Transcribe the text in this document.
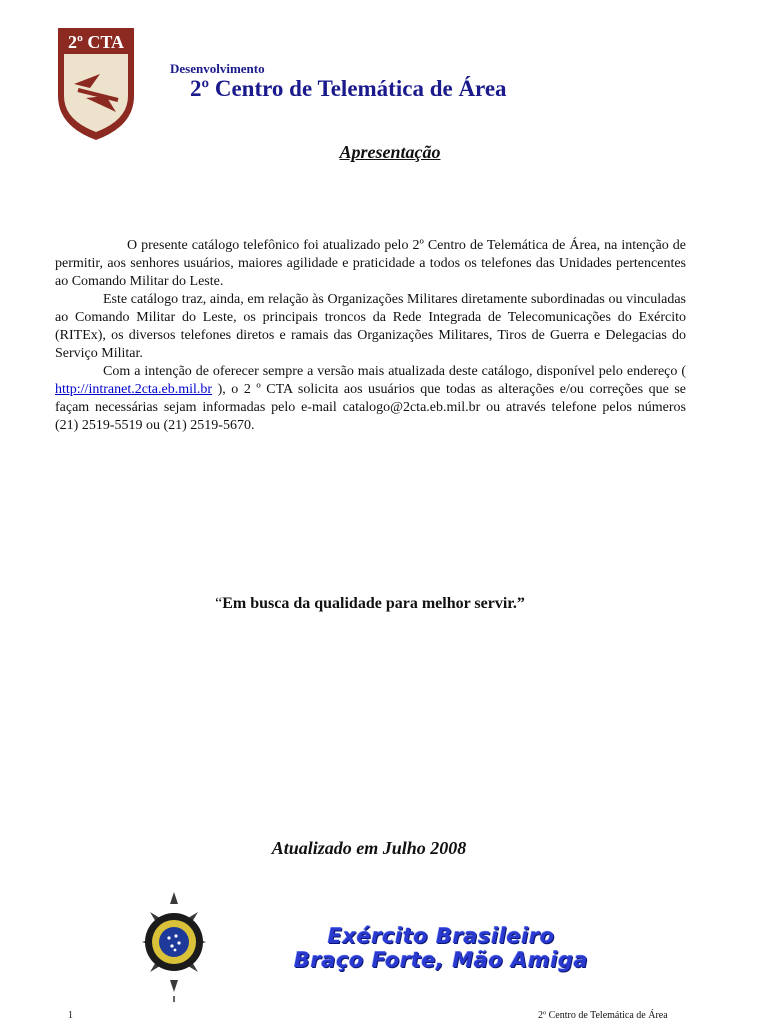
2º CTA
Desenvolvimento
2º Centro de Telemática de Área
Apresentação

O presente catálogo telefônico foi atualizado pelo 2º Centro de Telemática de Área, na intenção de permitir, aos senhores usuários, maiores agilidade e praticidade a todos os telefones das Unidades pertencentes ao Comando Militar do Leste.

Este catálogo traz, ainda, em relação às Organizações Militares diretamente subordinadas ou vinculadas ao Comando Militar do Leste, os principais troncos da Rede Integrada de Telecomunicações do Exército (RITEx), os diversos telefones diretos e ramais das Organizações Militares, Tiros de Guerra e Delegacias do Serviço Militar.

Com a intenção de oferecer sempre a versão mais atualizada deste catálogo, disponível pelo endereço ( http://intranet.2cta.eb.mil.br ), o 2 º CTA solicita aos usuários que todas as alterações e/ou correções que se façam necessárias sejam informadas pelo e-mail catalogo@2cta.eb.mil.br ou através telefone pelos números (21) 2519-5519 ou (21) 2519-5670.

“Em busca da qualidade para melhor servir.”
Atualizado em Julho 2008
Exército Brasileiro
Braço Forte, Mão Amiga
1	2º Centro de Telemática de Área
